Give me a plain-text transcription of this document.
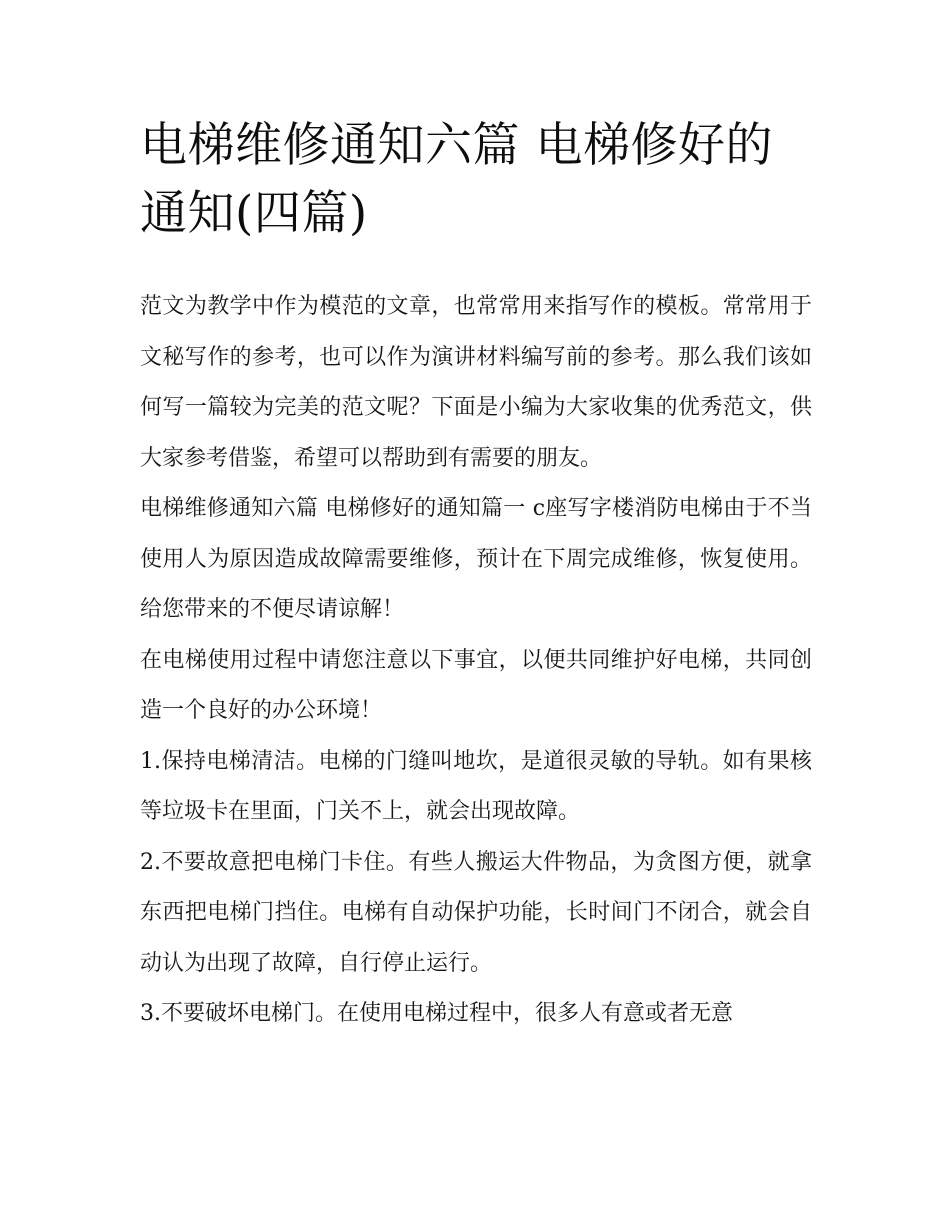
电梯维修通知六篇 电梯修好的通知(四篇)

范文为教学中作为模范的文章，也常常用来指写作的模板。常常用于文秘写作的参考，也可以作为演讲材料编写前的参考。那么我们该如何写一篇较为完美的范文呢？下面是小编为大家收集的优秀范文，供大家参考借鉴，希望可以帮助到有需要的朋友。

电梯维修通知六篇 电梯修好的通知篇一 c座写字楼消防电梯由于不当使用人为原因造成故障需要维修，预计在下周完成维修，恢复使用。给您带来的不便尽请谅解！

在电梯使用过程中请您注意以下事宜，以便共同维护好电梯，共同创造一个良好的办公环境！

1.保持电梯清洁。电梯的门缝叫地坎，是道很灵敏的导轨。如有果核等垃圾卡在里面，门关不上，就会出现故障。

2.不要故意把电梯门卡住。有些人搬运大件物品，为贪图方便，就拿东西把电梯门挡住。电梯有自动保护功能，长时间门不闭合，就会自动认为出现了故障，自行停止运行。

3.不要破坏电梯门。在使用电梯过程中，很多人有意或者无意
